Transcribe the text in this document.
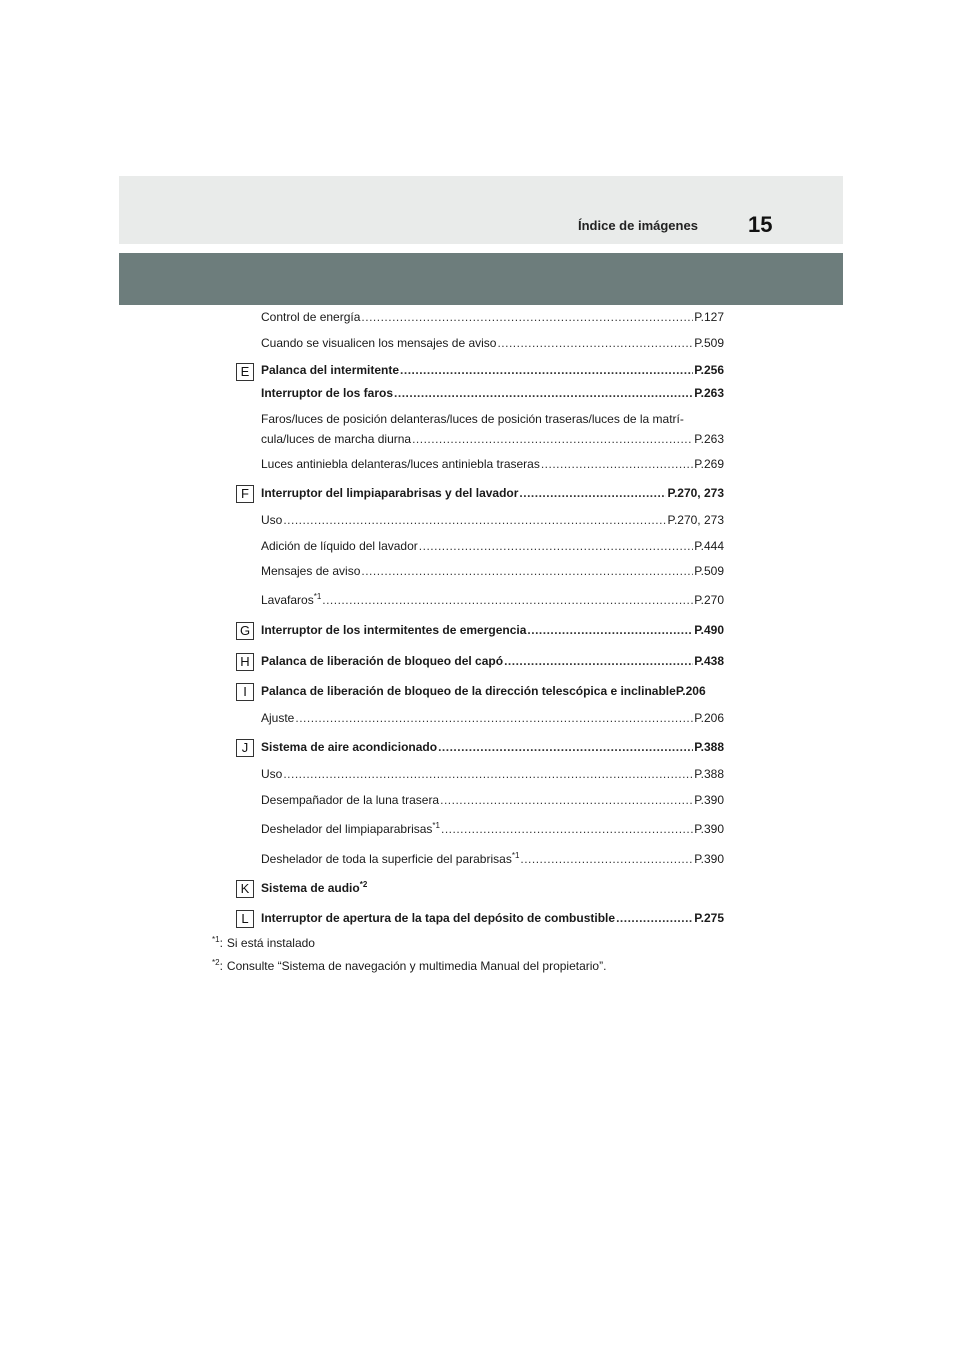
Índice de imágenes 15
Control de energía .....	P.127
Cuando se visualicen los mensajes de aviso .....	P.509
E Palanca del intermitente .....	P.256
Interruptor de los faros .....	P.263
Faros/luces de posición delanteras/luces de posición traseras/luces de la matrí-
cula/luces de marcha diurna .....	P.263
Luces antiniebla delanteras/luces antiniebla traseras .....	P.269
F	Interruptor del limpiaparabrisas y del lavador .....	P.270, 273
Uso .....	P.270, 273
Adición de líquido del lavador .....	P.444
Mensajes de aviso .....	P.509
Lavafaros$^{*1}$ .....	P.270
G Interruptor de los intermitentes de emergencia .....	P.490
H Palanca de liberación de bloqueo del capó .....	P.438
I	Palanca de liberación de bloqueo de la dirección telescópica e inclinable P.206
Ajuste .....	P.206
J	Sistema de aire acondicionado .....	P.388
Uso .....	P.388
Desempañador de la luna trasera .....	P.390
Deshelador del limpiaparabrisas$^{*1}$ .....	P.390
Deshelador de toda la superficie del parabrisas$^{*1}$ .....	P.390
K Sistema de audio$^{*2}$
L	Interruptor de apertura de la tapa del depósito de combustible .....	P.275
$^{*1}$: Si está instalado
$^{*2}$: Consulte “Sistema de navegación y multimedia Manual del propietario”.
